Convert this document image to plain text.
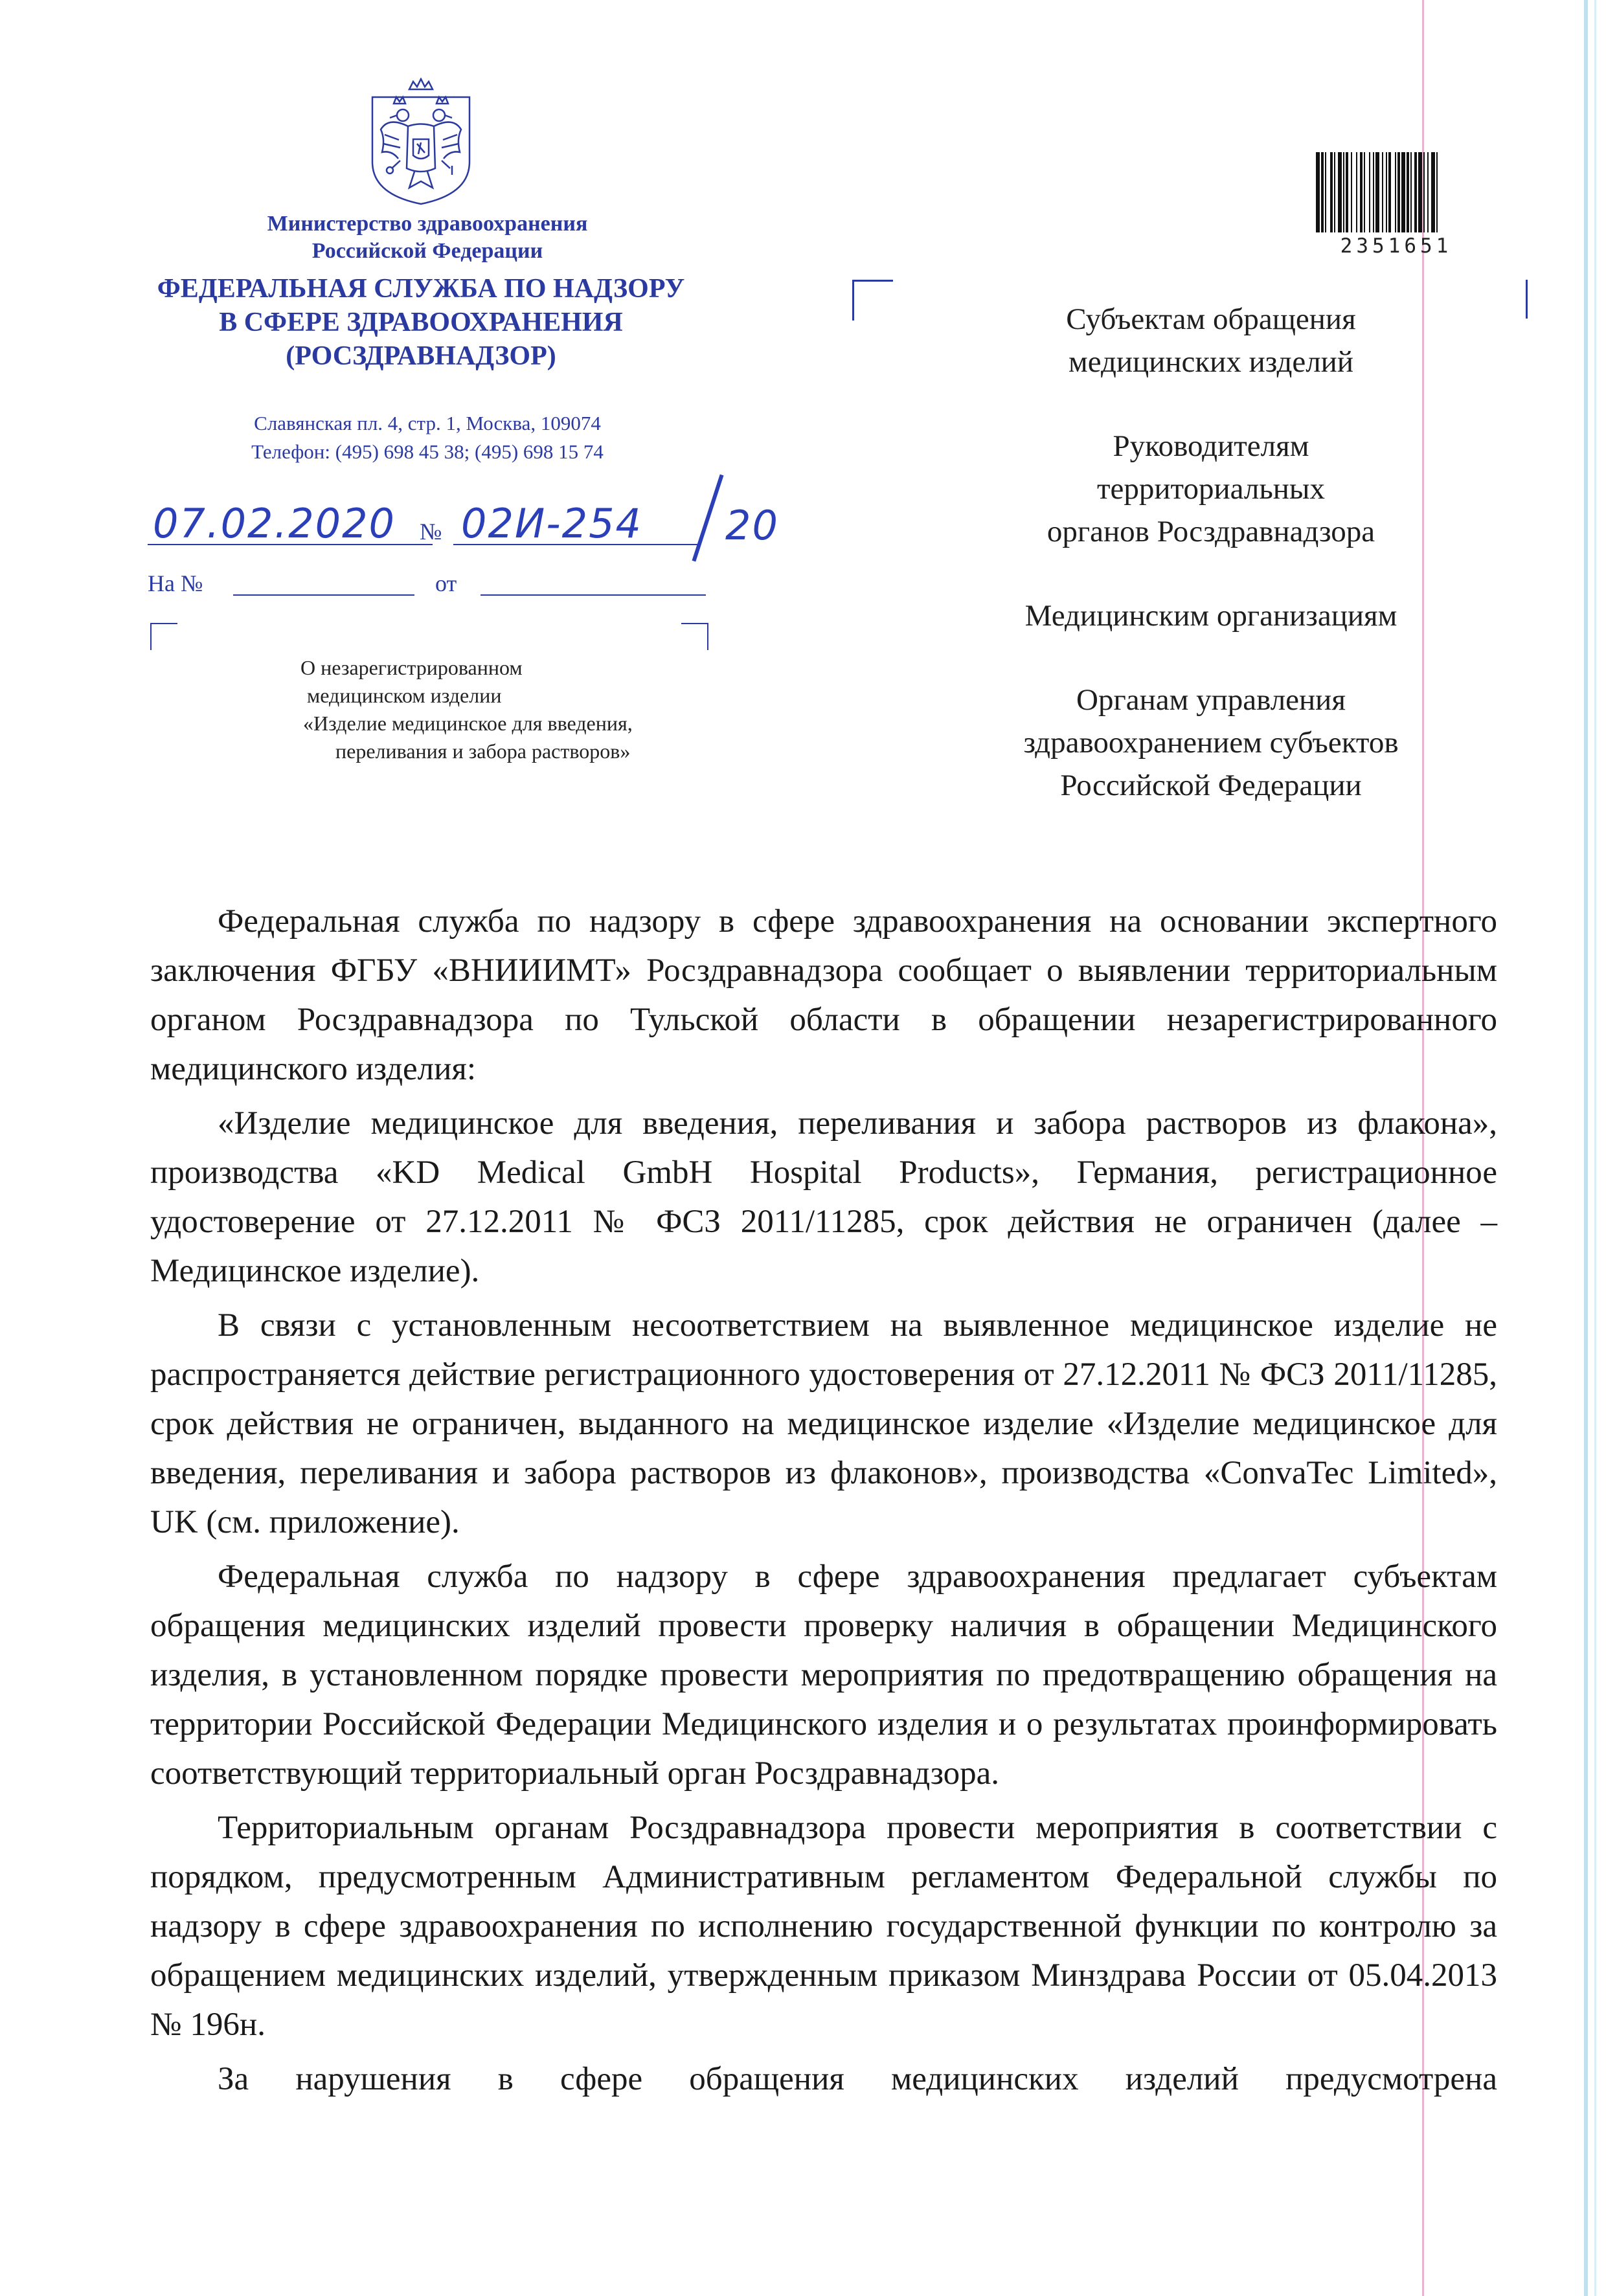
Министерство здравоохранения
Российской Федерации
ФЕДЕРАЛЬНАЯ СЛУЖБА ПО НАДЗОРУ
В СФЕРЕ ЗДРАВООХРАНЕНИЯ
(РОСЗДРАВНАДЗОР)
Славянская пл. 4, стр. 1, Москва, 109074
Телефон: (495) 698 45 38; (495) 698 15 74
07.02.2020 № 02И-254 20
На №	от
О незарегистрированном
медицинском изделии
«Изделие медицинское для введения,
переливания и забора растворов»
2351651
Субъектам обращения
медицинских изделий
Руководителям
территориальных
органов Росздравнадзора
Медицинским организациям
Органам управления
здравоохранением субъектов
Российской Федерации

Федеральная служба по надзору в сфере здравоохранения на основании экспертного заключения ФГБУ «ВНИИИМТ» Росздравнадзора сообщает о выявлении территориальным органом Росздравнадзора по Тульской области в обращении незарегистрированного медицинского изделия:

«Изделие медицинское для введения, переливания и забора растворов из флакона», производства «KD Medical GmbH Hospital Products», Германия, регистрационное удостоверение от 27.12.2011 № ФСЗ 2011/11285, срок действия не ограничен (далее – Медицинское изделие).

В связи с установленным несоответствием на выявленное медицинское изделие не распространяется действие регистрационного удостоверения от 27.12.2011 № ФСЗ 2011/11285, срок действия не ограничен, выданного на медицинское изделие «Изделие медицинское для введения, переливания и забора растворов из флаконов», производства «ConvaTec Limited», UK (см. приложение).

Федеральная служба по надзору в сфере здравоохранения предлагает субъектам обращения медицинских изделий провести проверку наличия в обращении Медицинского изделия, в установленном порядке провести мероприятия по предотвращению обращения на территории Российской Федерации Медицинского изделия и о результатах проинформировать соответствующий территориальный орган Росздравнадзора.

Территориальным органам Росздравнадзора провести мероприятия в соответствии с порядком, предусмотренным Административным регламентом Федеральной службы по надзору в сфере здравоохранения по исполнению государственной функции по контролю за обращением медицинских изделий, утвержденным приказом Минздрава России от 05.04.2013 № 196н.

За нарушения в сфере обращения медицинских изделий предусмотрена
